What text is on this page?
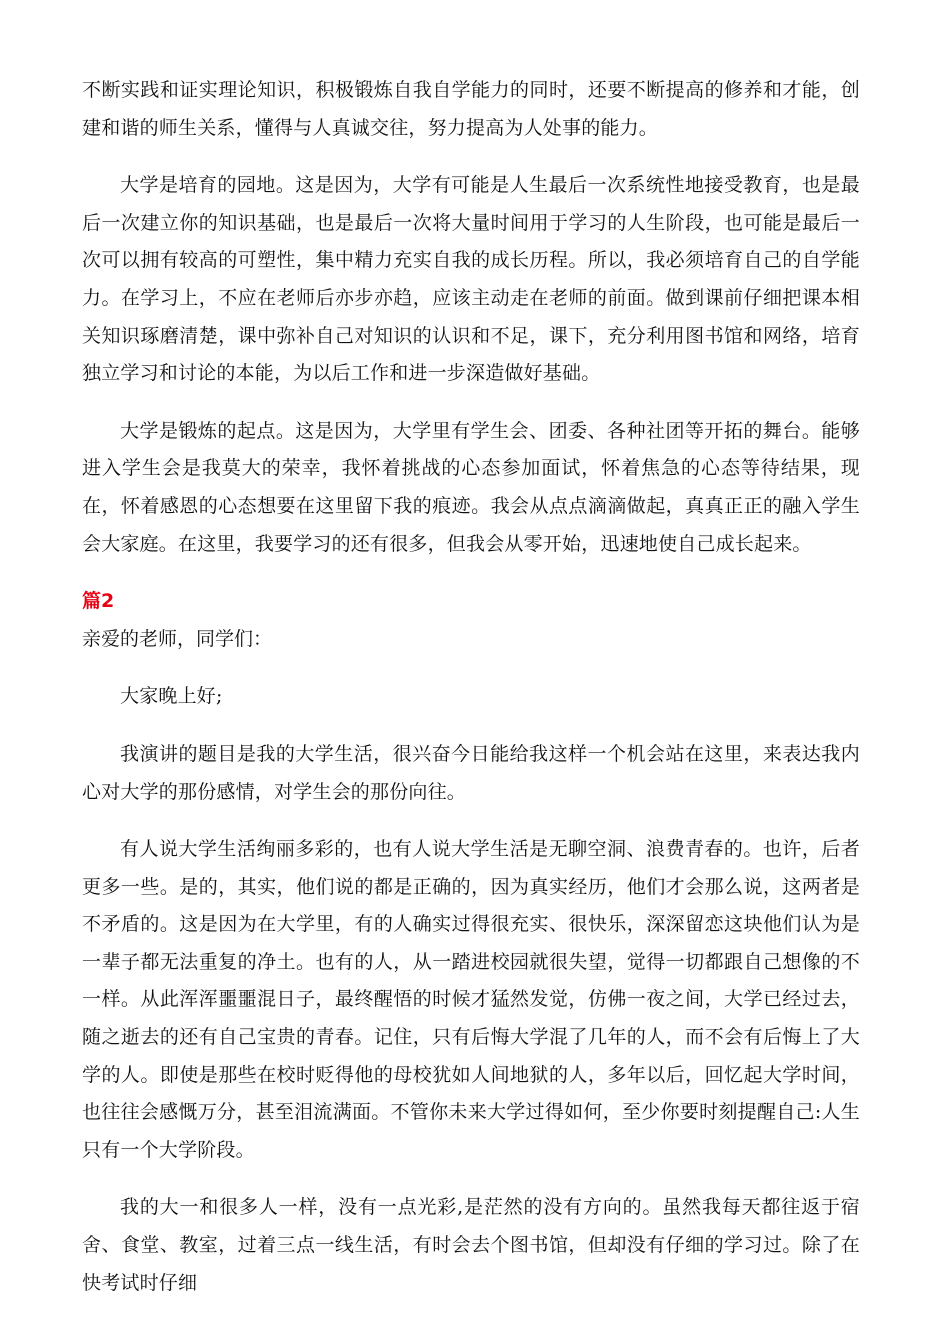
不断实践和证实理论知识，积极锻炼自我自学能力的同时，还要不断提高的修养和才能，创建和谐的师生关系，懂得与人真诚交往，努力提高为人处事的能力。

大学是培育的园地。这是因为，大学有可能是人生最后一次系统性地接受教育，也是最后一次建立你的知识基础，也是最后一次将大量时间用于学习的人生阶段，也可能是最后一次可以拥有较高的可塑性，集中精力充实自我的成长历程。所以，我必须培育自己的自学能力。在学习上，不应在老师后亦步亦趋，应该主动走在老师的前面。做到课前仔细把课本相关知识琢磨清楚，课中弥补自己对知识的认识和不足，课下，充分利用图书馆和网络，培育独立学习和讨论的本能，为以后工作和进一步深造做好基础。

大学是锻炼的起点。这是因为，大学里有学生会、团委、各种社团等开拓的舞台。能够进入学生会是我莫大的荣幸，我怀着挑战的心态参加面试，怀着焦急的心态等待结果，现在，怀着感恩的心态想要在这里留下我的痕迹。我会从点点滴滴做起，真真正正的融入学生会大家庭。在这里，我要学习的还有很多，但我会从零开始，迅速地使自己成长起来。

篇2

亲爱的老师，同学们：

大家晚上好;

我演讲的题目是我的大学生活，很兴奋今日能给我这样一个机会站在这里，来表达我内心对大学的那份感情，对学生会的那份向往。

有人说大学生活绚丽多彩的，也有人说大学生活是无聊空洞、浪费青春的。也许，后者更多一些。是的，其实，他们说的都是正确的，因为真实经历，他们才会那么说，这两者是不矛盾的。这是因为在大学里，有的人确实过得很充实、很快乐，深深留恋这块他们认为是一辈子都无法重复的净土。也有的人，从一踏进校园就很失望，觉得一切都跟自己想像的不一样。从此浑浑噩噩混日子，最终醒悟的时候才猛然发觉，仿佛一夜之间，大学已经过去，随之逝去的还有自己宝贵的青春。记住，只有后悔大学混了几年的人，而不会有后悔上了大学的人。即使是那些在校时贬得他的母校犹如人间地狱的人，多年以后，回忆起大学时间，也往往会感慨万分，甚至泪流满面。不管你未来大学过得如何，至少你要时刻提醒自己:人生只有一个大学阶段。

我的大一和很多人一样，没有一点光彩,是茫然的没有方向的。虽然我每天都往返于宿舍、食堂、教室，过着三点一线生活，有时会去个图书馆，但却没有仔细的学习过。除了在快考试时仔细
